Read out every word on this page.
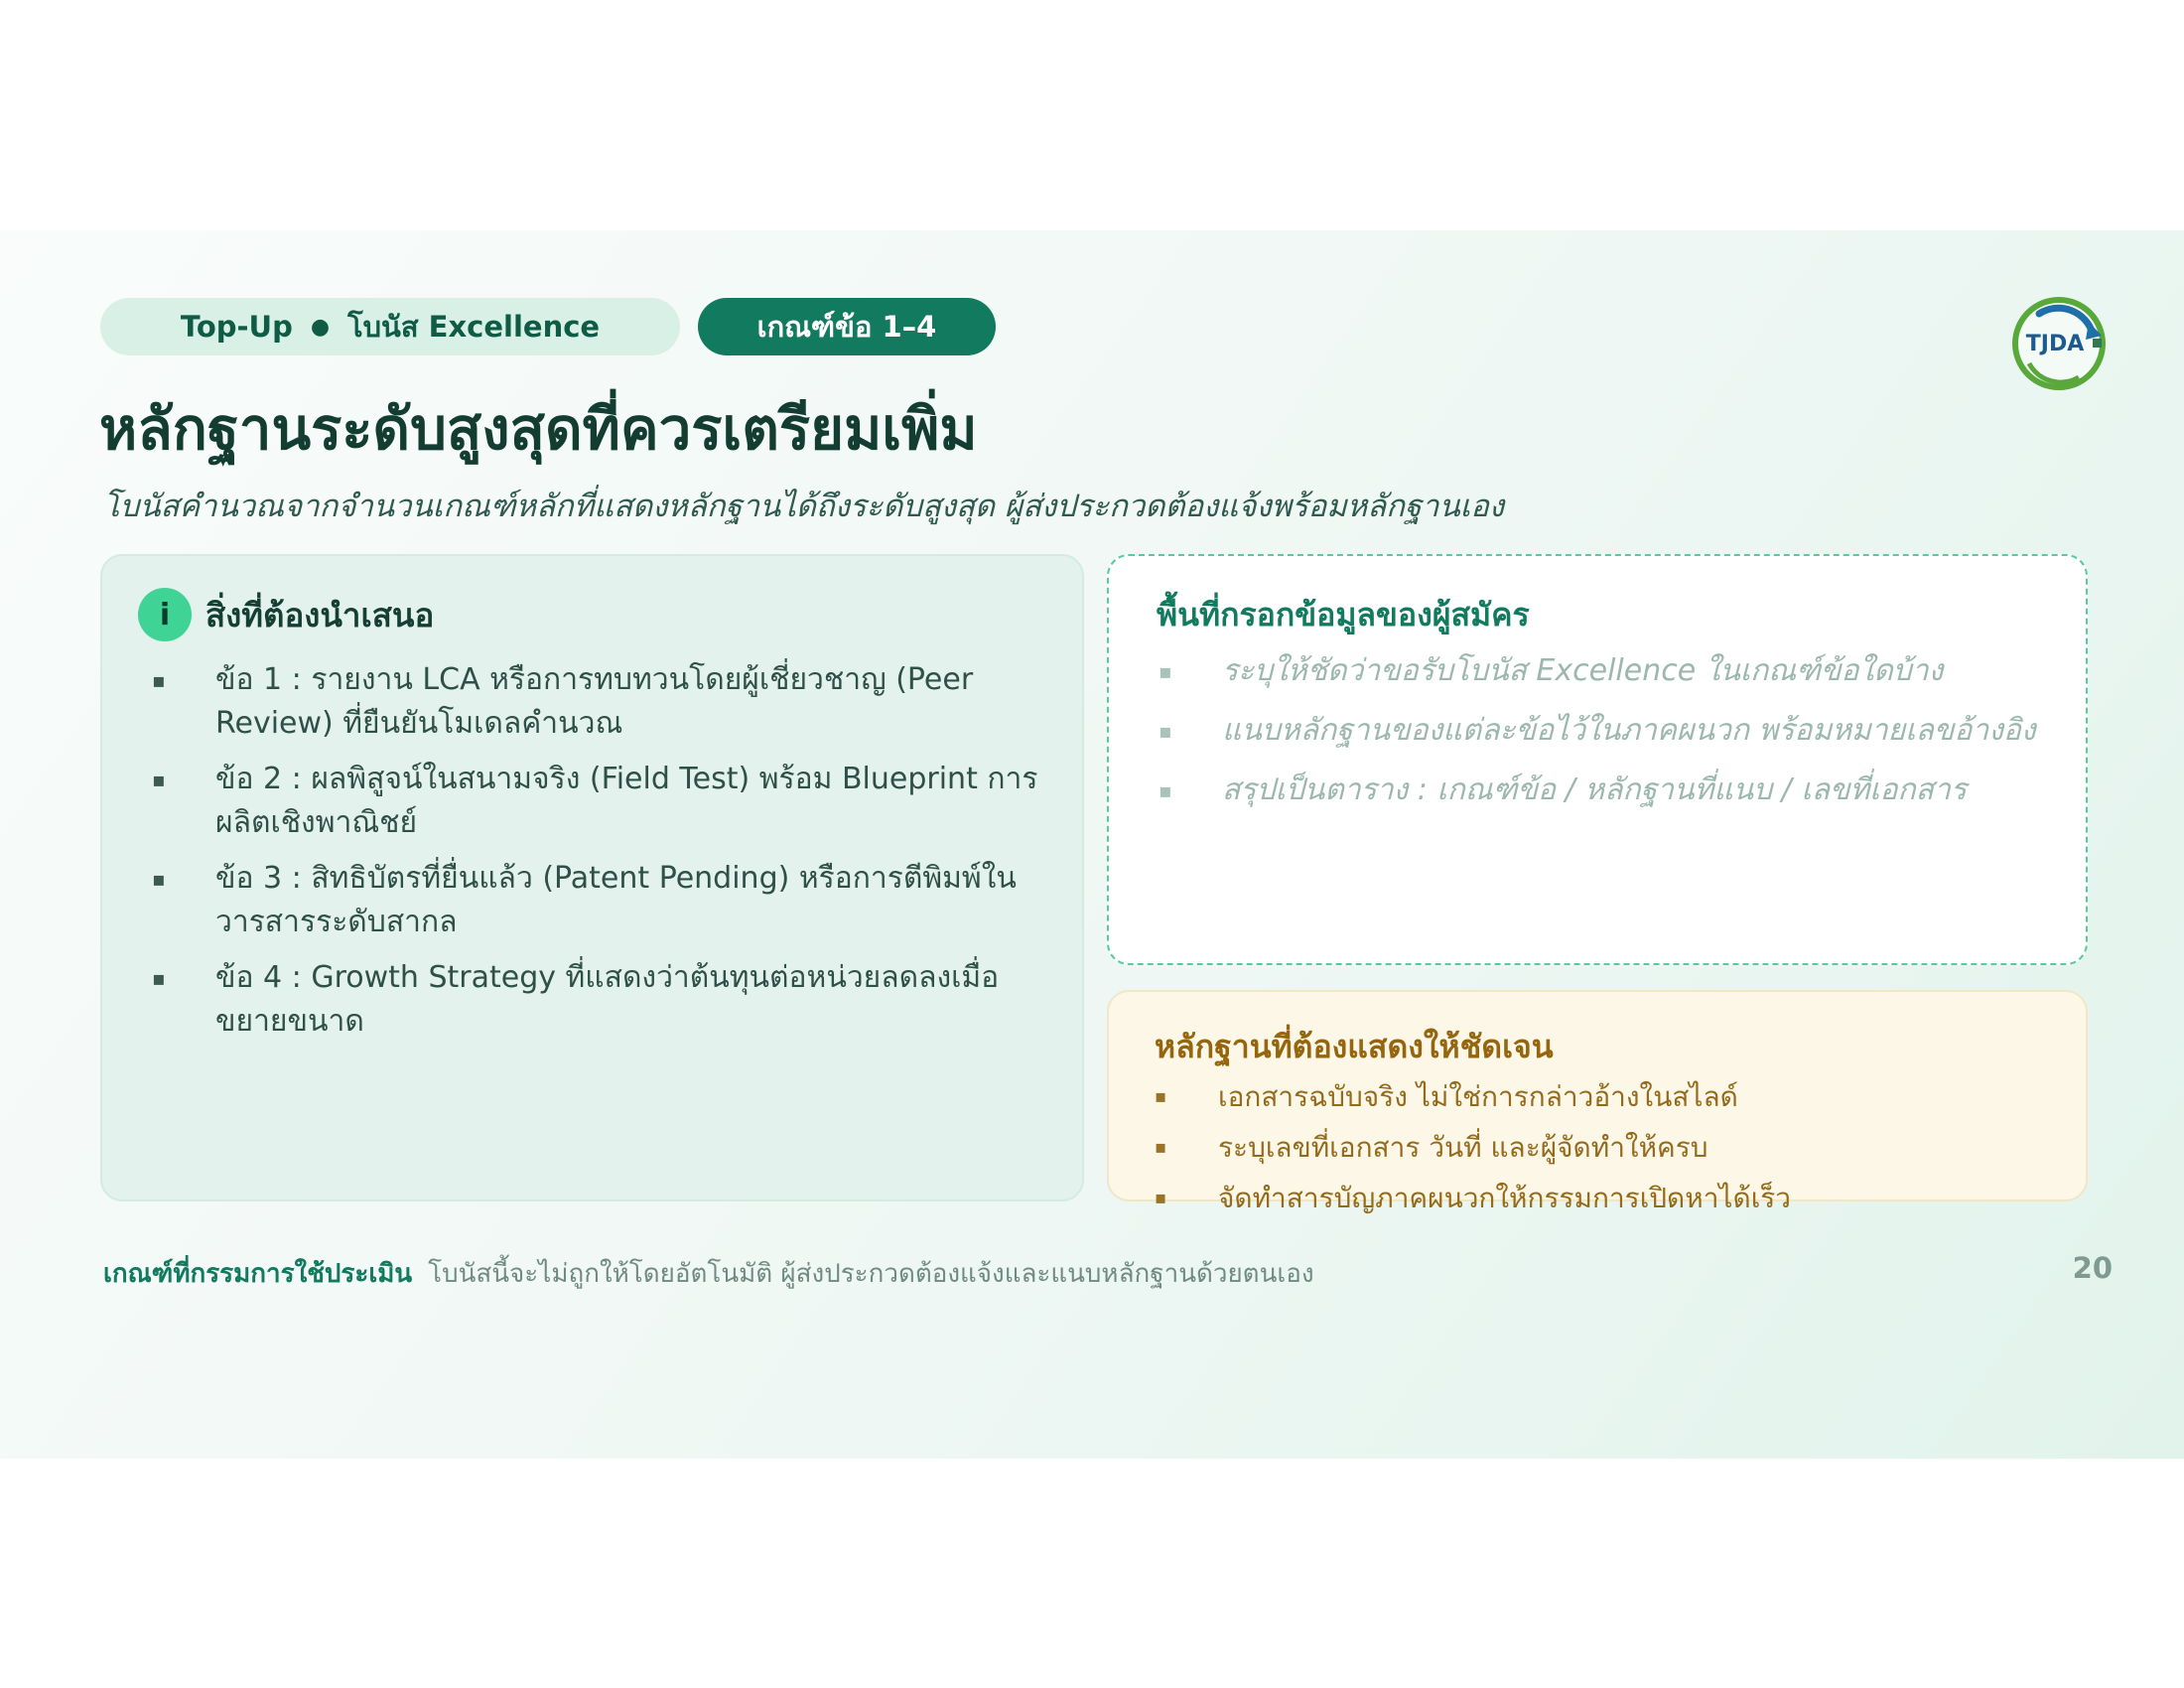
Top-Up ● โบนัส Excellence	เกณฑ์ข้อ 1–4
TJDA
หลักฐานระดับสูงสุดที่ควรเตรียมเพิ่ม

โบนัสคำนวณจากจำนวนเกณฑ์หลักที่แสดงหลักฐานได้ถึงระดับสูงสุด ผู้ส่งประกวดต้องแจ้งพร้อมหลักฐานเอง

i	สิ่งที่ต้องนำเสนอ
▪ ข้อ 1 : รายงาน LCA หรือการทบทวนโดยผู้เชี่ยวชาญ (Peer Review) ที่ยืนยันโมเดลคำนวณ
▪ ข้อ 2 : ผลพิสูจน์ในสนามจริง (Field Test) พร้อม Blueprint การผลิตเชิงพาณิชย์
▪ ข้อ 3 : สิทธิบัตรที่ยื่นแล้ว (Patent Pending) หรือการตีพิมพ์ในวารสารระดับสากล
▪ ข้อ 4 : Growth Strategy ที่แสดงว่าต้นทุนต่อหน่วยลดลงเมื่อขยายขนาด
พื้นที่กรอกข้อมูลของผู้สมัคร
▪ ระบุให้ชัดว่าขอรับโบนัส Excellence ในเกณฑ์ข้อใดบ้าง
▪ แนบหลักฐานของแต่ละข้อไว้ในภาคผนวก พร้อมหมายเลขอ้างอิง
▪ สรุปเป็นตาราง : เกณฑ์ข้อ / หลักฐานที่แนบ / เลขที่เอกสาร
หลักฐานที่ต้องแสดงให้ชัดเจน
▪ เอกสารฉบับจริง ไม่ใช่การกล่าวอ้างในสไลด์
▪ ระบุเลขที่เอกสาร วันที่ และผู้จัดทำให้ครบ
▪ จัดทำสารบัญภาคผนวกให้กรรมการเปิดหาได้เร็ว
เกณฑ์ที่กรรมการใช้ประเมิน โบนัสนี้จะไม่ถูกให้โดยอัตโนมัติ ผู้ส่งประกวดต้องแจ้งและแนบหลักฐานด้วยตนเอง	20
